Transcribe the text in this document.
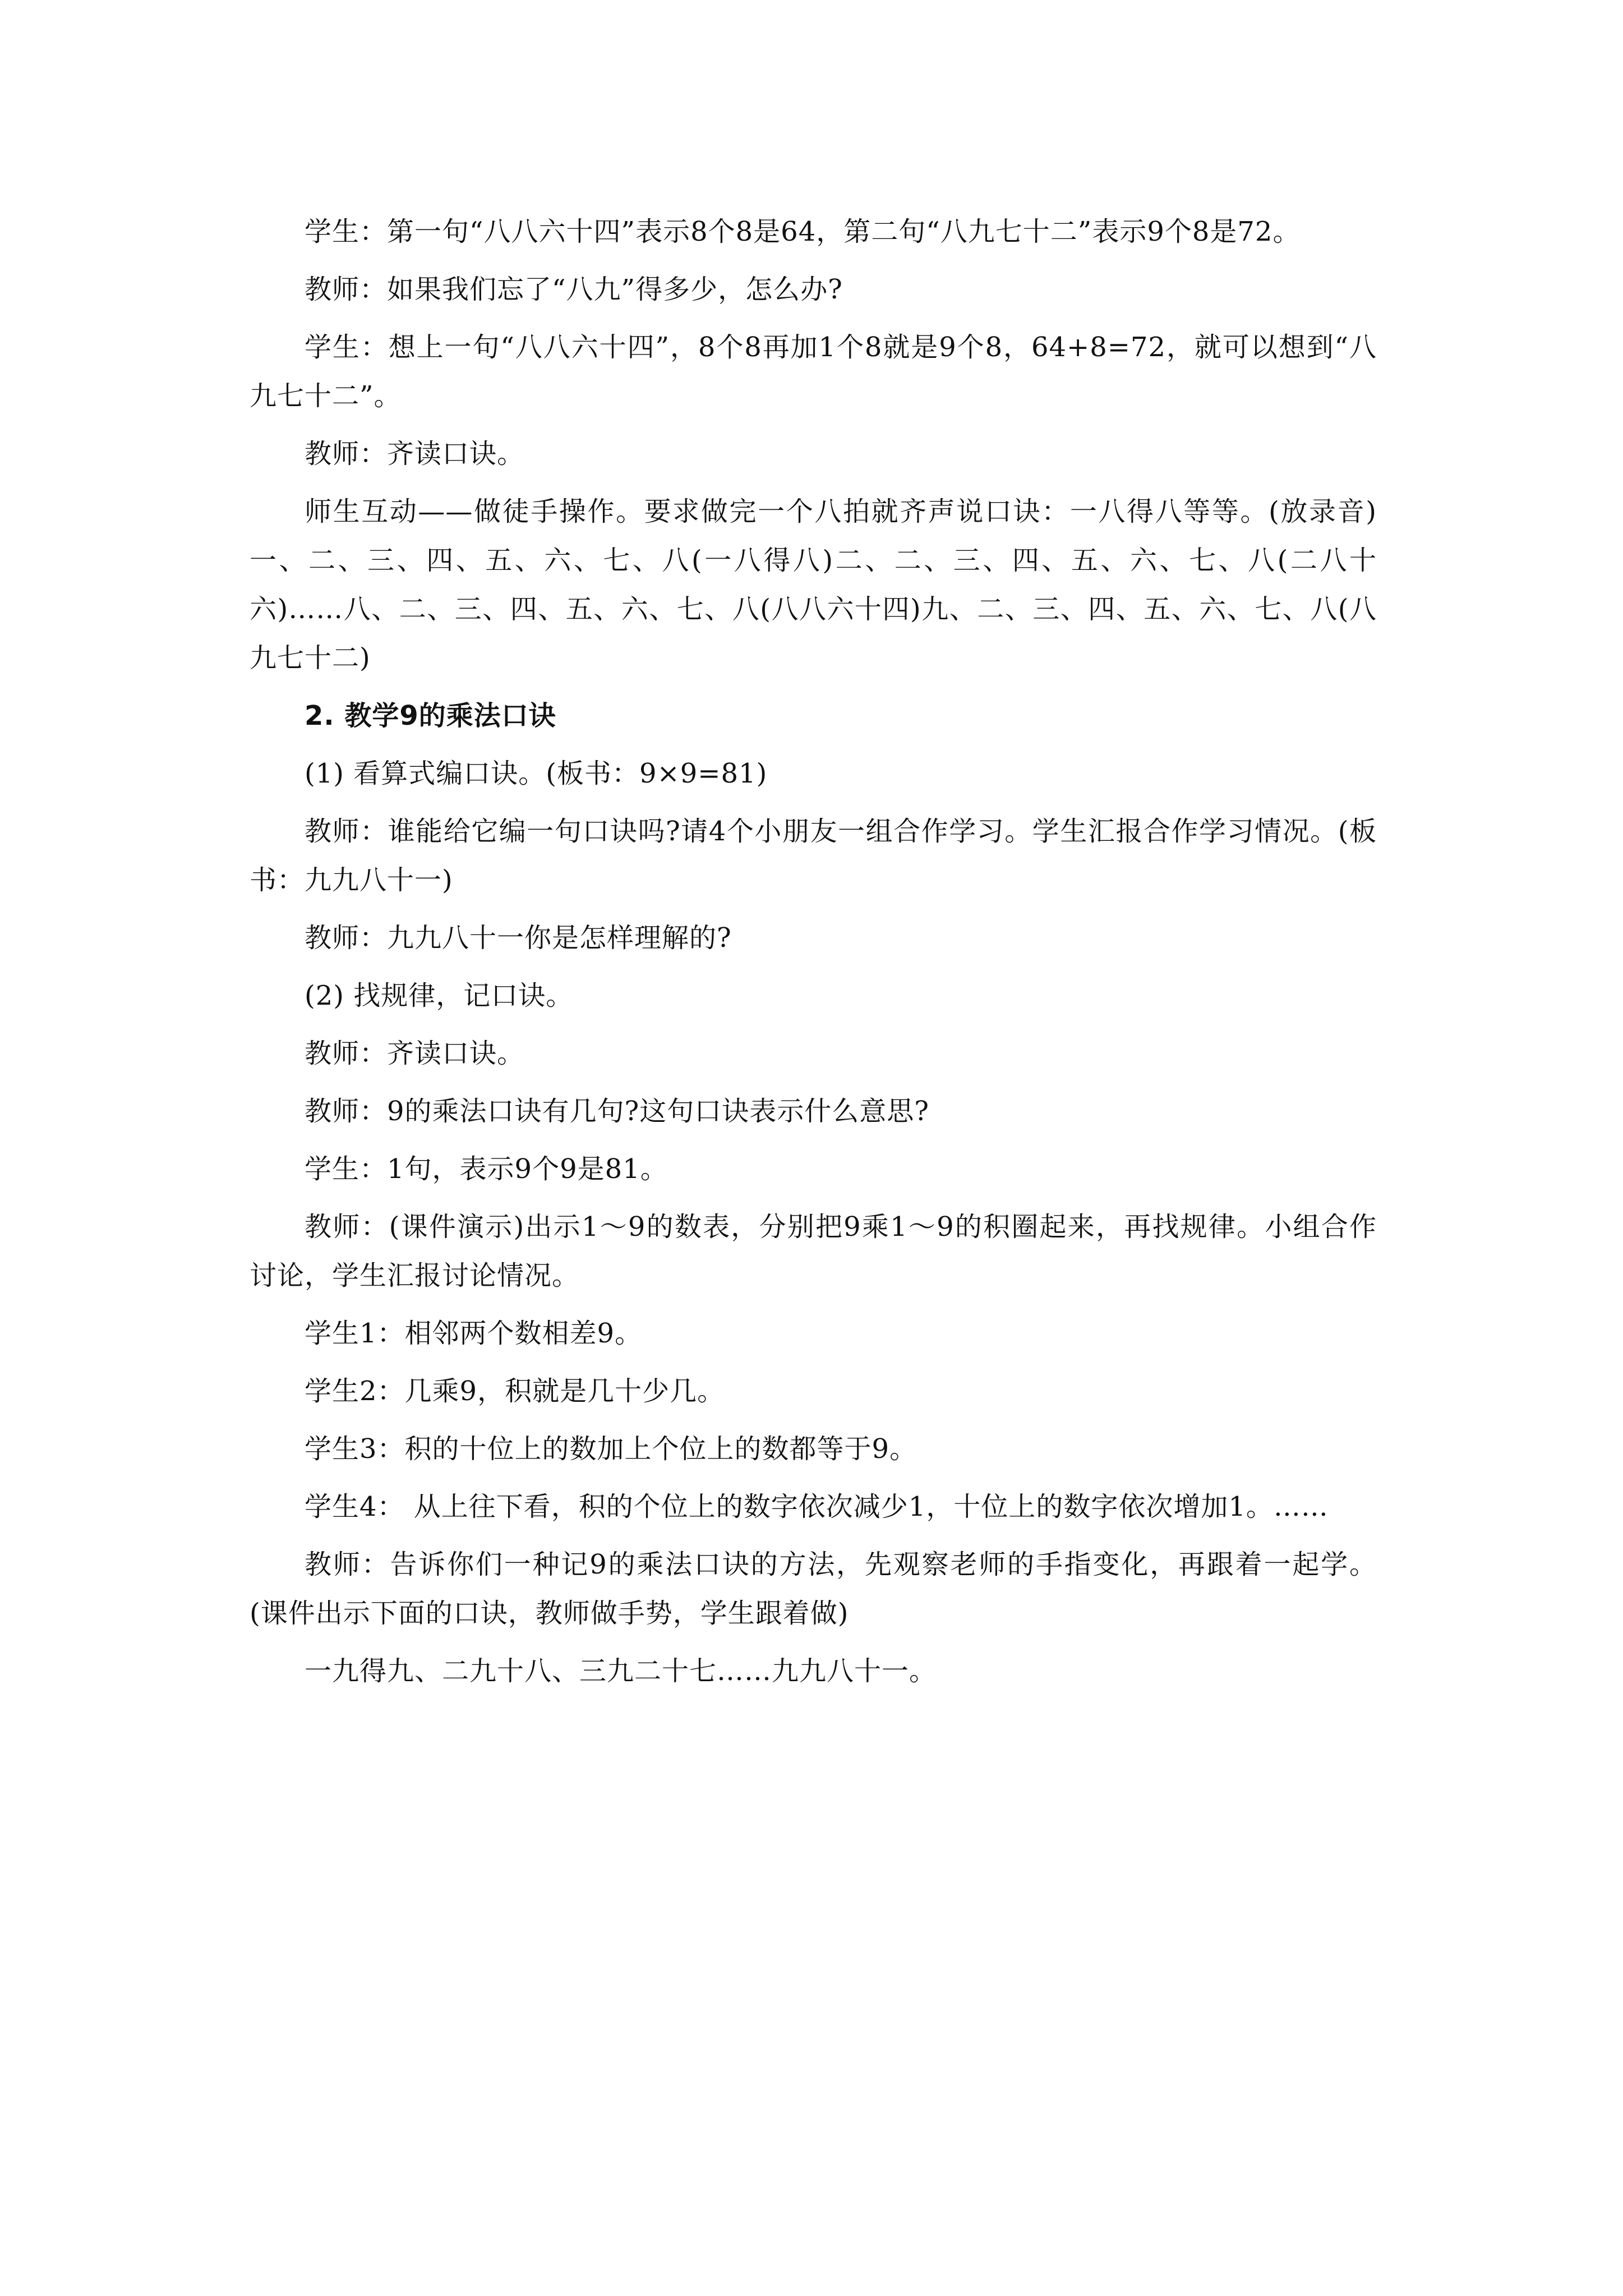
学生：第一句“八八六十四”表示8个8是64，第二句“八九七十二”表示9个8是72。

教师：如果我们忘了“八九”得多少，怎么办?

学生：想上一句“八八六十四”，8个8再加1个8就是9个8，64+8=72，就可以想到“八九七十二”。

教师：齐读口诀。

师生互动——做徒手操作。要求做完一个八拍就齐声说口诀：一八得八等等。(放录音)一、二、三、四、五、六、七、八(一八得八)二、二、三、四、五、六、七、八(二八十六)……八、二、三、四、五、六、七、八(八八六十四)九、二、三、四、五、六、七、八(八九七十二)

2. 教学9的乘法口诀

(1) 看算式编口诀。(板书：9×9=81)

教师：谁能给它编一句口诀吗?请4个小朋友一组合作学习。学生汇报合作学习情况。(板书：九九八十一)

教师：九九八十一你是怎样理解的?

(2) 找规律，记口诀。

教师：齐读口诀。

教师：9的乘法口诀有几句?这句口诀表示什么意思?

学生：1句，表示9个9是81。

教师：(课件演示)出示1～9的数表，分别把9乘1～9的积圈起来，再找规律。小组合作讨论，学生汇报讨论情况。

学生1：相邻两个数相差9。

学生2：几乘9，积就是几十少几。

学生3：积的十位上的数加上个位上的数都等于9。

学生4： 从上往下看，积的个位上的数字依次减少1，十位上的数字依次增加1。……

教师：告诉你们一种记9的乘法口诀的方法，先观察老师的手指变化，再跟着一起学。(课件出示下面的口诀，教师做手势，学生跟着做)

一九得九、二九十八、三九二十七……九九八十一。
